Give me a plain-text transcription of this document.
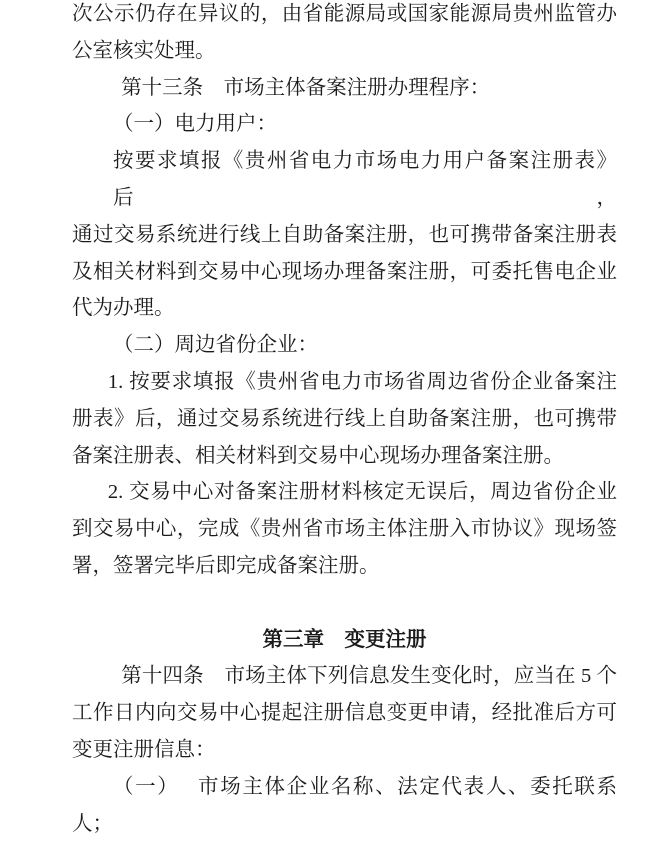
次公示仍存在异议的，由省能源局或国家能源局贵州监管办
公室核实处理。
第十三条　市场主体备案注册办理程序：
（一）电力用户：
按要求填报《贵州省电力市场电力用户备案注册表》后，
通过交易系统进行线上自助备案注册，也可携带备案注册表
及相关材料到交易中心现场办理备案注册，可委托售电企业
代为办理。
（二）周边省份企业：
1. 按要求填报《贵州省电力市场省周边省份企业备案注
册表》后，通过交易系统进行线上自助备案注册，也可携带
备案注册表、相关材料到交易中心现场办理备案注册。
2. 交易中心对备案注册材料核定无误后，周边省份企业
到交易中心，完成《贵州省市场主体注册入市协议》现场签
署，签署完毕后即完成备案注册。
第三章　变更注册
第十四条　市场主体下列信息发生变化时，应当在 5 个
工作日内向交易中心提起注册信息变更申请，经批准后方可
变更注册信息：
（一）　 市场主体企业名称、法定代表人、委托联系
人；
